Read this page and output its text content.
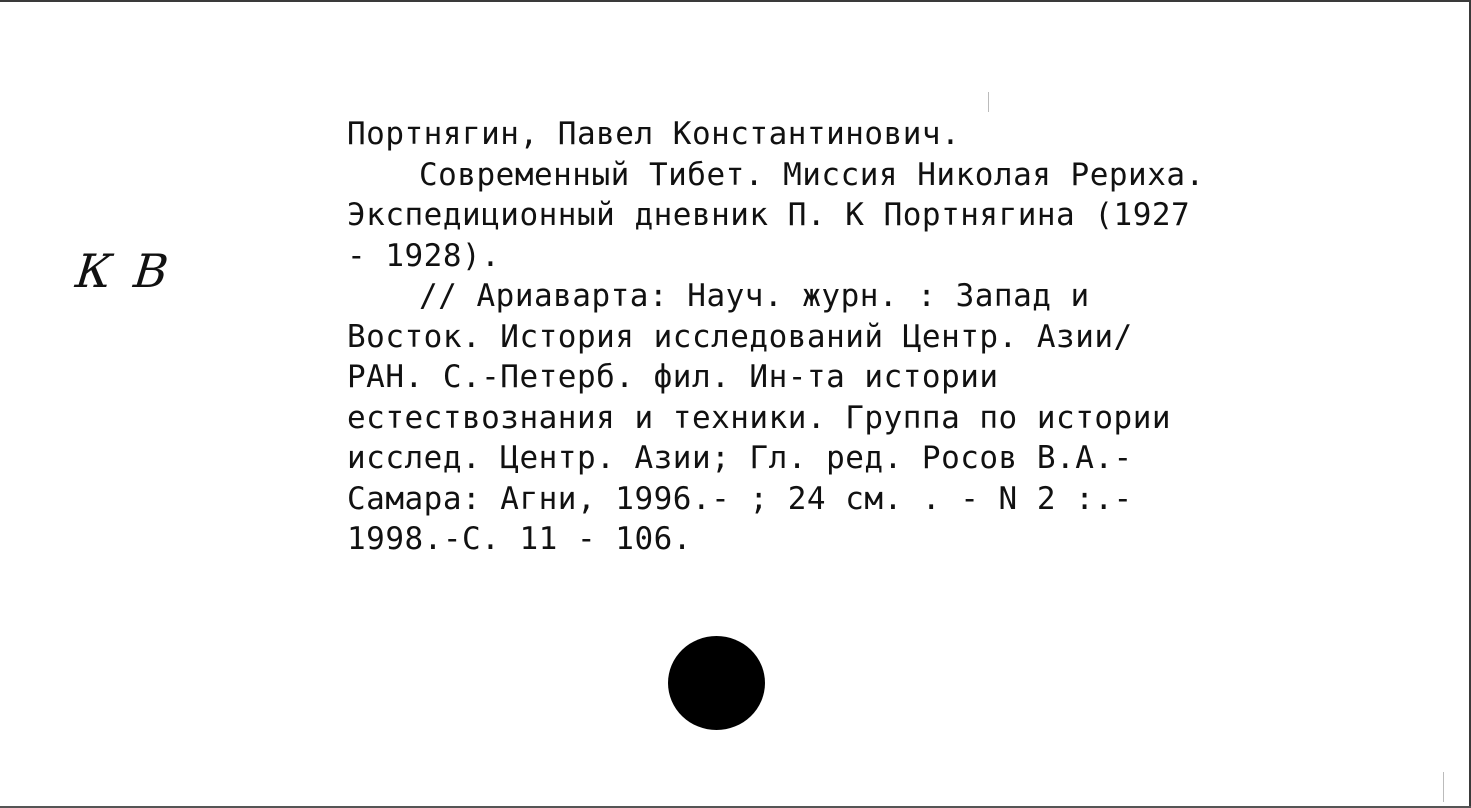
К В
Портнягин, Павел Константинович.
Современный Тибет. Миссия Николая Рериха.
Экспедиционный дневник П. К Портнягина (1927
- 1928).
// Ариаварта: Науч. журн. : Запад и
Восток. История исследований Центр. Азии/
РАН. С.-Петерб. фил. Ин-та истории
естествознания и техники. Группа по истории
исслед. Центр. Азии; Гл. ред. Росов В.А.-
Самара: Агни, 1996.- ; 24 см. . - N 2 :.-
1998.-С. 11 - 106.
